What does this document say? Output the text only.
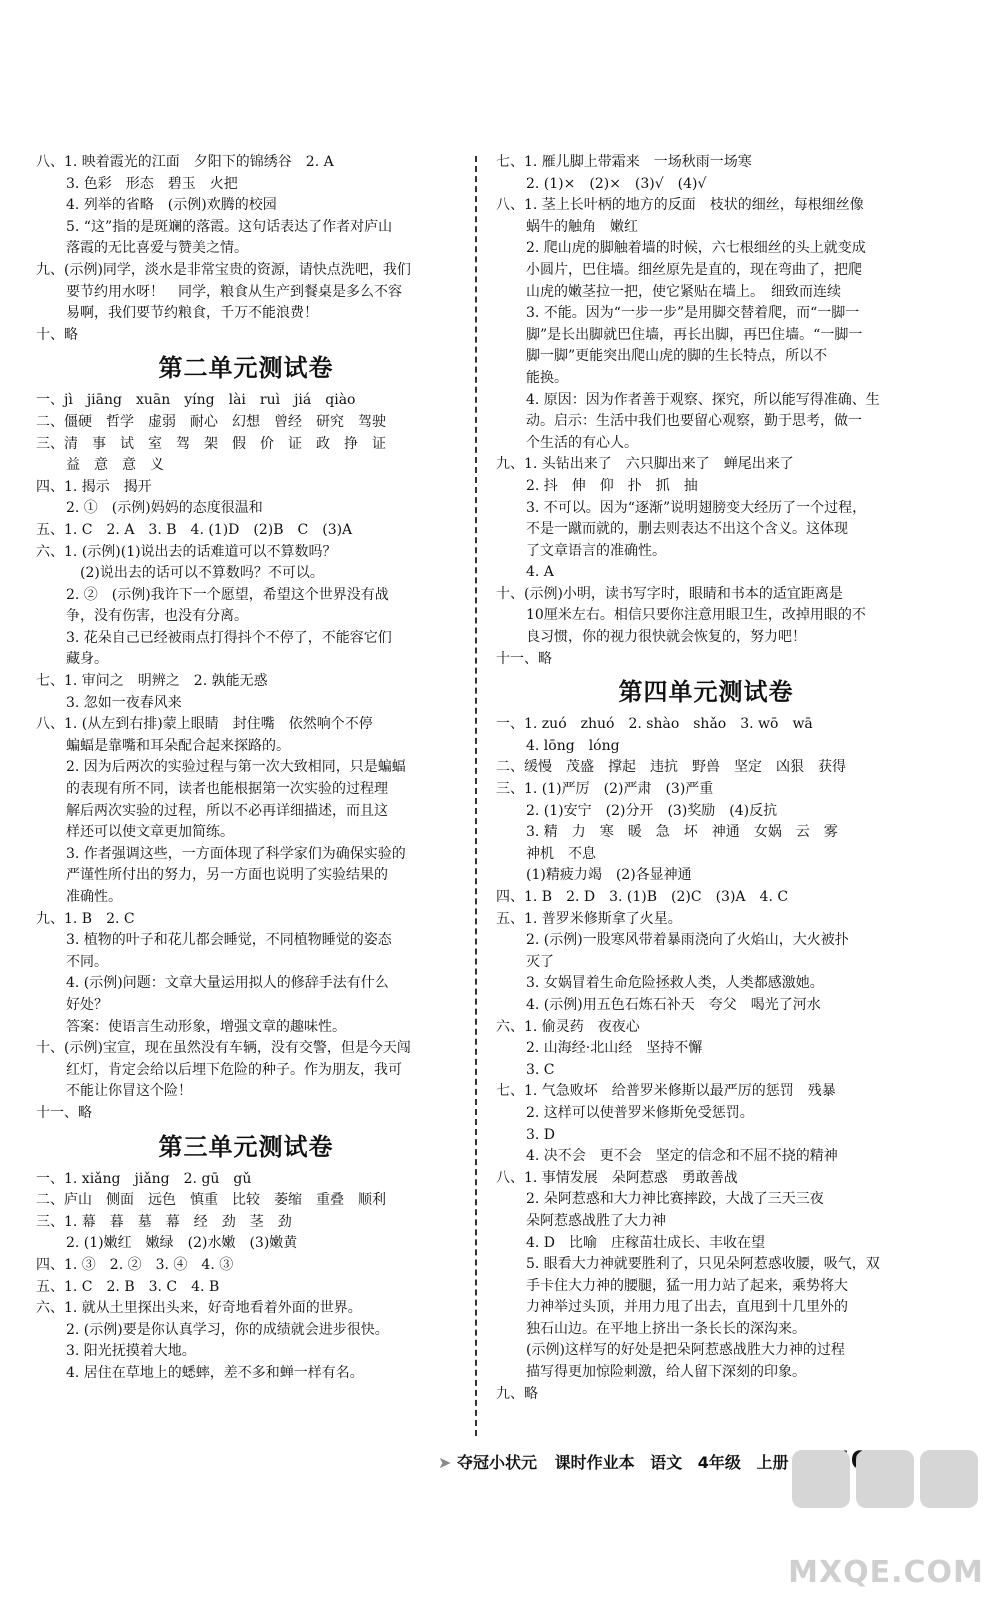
八、1. 映着霞光的江面　夕阳下的锦绣谷　2. A
3. 色彩　形态　碧玉　火把
4. 列举的省略　(示例)欢腾的校园
5. “这”指的是斑斓的落霞。这句话表达了作者对庐山
落霞的无比喜爱与赞美之情。
九、(示例)同学，淡水是非常宝贵的资源，请快点洗吧，我们
要节约用水呀！　同学，粮食从生产到餐桌是多么不容
易啊，我们要节约粮食，千万不能浪费！
十、略
第二单元测试卷
一、jì　jiāng　xuān　yíng　lài　ruì　jiá　qiào
二、僵硬　哲学　虚弱　耐心　幻想　曾经　研究　驾驶
三、清　事　试　室　驾　架　假　价　证　政　挣　证
益　意　意　义
四、1. 揭示　揭开
2. ①　(示例)妈妈的态度很温和
五、1. C　2. A　3. B　4. (1)D　(2)B　C　(3)A
六、1. (示例)(1)说出去的话难道可以不算数吗？
(2)说出去的话可以不算数吗？不可以。
2. ②　(示例)我许下一个愿望，希望这个世界没有战
争，没有伤害，也没有分离。
3. 花朵自己已经被雨点打得抖个不停了，不能容它们
藏身。
七、1. 审问之　明辨之　2. 孰能无惑
3. 忽如一夜春风来
八、1. (从左到右排)蒙上眼睛　封住嘴　依然响个不停
蝙蝠是靠嘴和耳朵配合起来探路的。
2. 因为后两次的实验过程与第一次大致相同，只是蝙蝠
的表现有所不同，读者也能根据第一次实验的过程理
解后两次实验的过程，所以不必再详细描述，而且这
样还可以使文章更加简练。
3. 作者强调这些，一方面体现了科学家们为确保实验的
严谨性所付出的努力，另一方面也说明了实验结果的
准确性。
九、1. B　2. C
3. 植物的叶子和花儿都会睡觉，不同植物睡觉的姿态
不同。
4. (示例)问题：文章大量运用拟人的修辞手法有什么
好处？
答案：使语言生动形象，增强文章的趣味性。
十、(示例)宝宣，现在虽然没有车辆，没有交警，但是今天闯
红灯，肯定会给以后埋下危险的种子。作为朋友，我可
不能让你冒这个险！
十一、略
第三单元测试卷
一、1. xiǎng　jiǎng　2. gū　gǔ
二、庐山　侧面　远色　慎重　比较　萎缩　重叠　顺利
三、1. 幕　暮　墓　幕　经　劲　茎　劲
2. (1)嫩红　嫩绿　(2)水嫩　(3)嫩黄
四、1. ③　2. ②　3. ④　4. ③
五、1. C　2. B　3. C　4. B
六、1. 就从土里探出头来，好奇地看着外面的世界。
2. (示例)要是你认真学习，你的成绩就会进步很快。
3. 阳光抚摸着大地。
4. 居住在草地上的蟋蟀，差不多和蝉一样有名。
七、1. 雁儿脚上带霜来　一场秋雨一场寒
2. (1)×　(2)×　(3)√　(4)√
八、1. 茎上长叶柄的地方的反面　枝状的细丝，每根细丝像
蜗牛的触角　嫩红
2. 爬山虎的脚触着墙的时候，六七根细丝的头上就变成
小圆片，巴住墙。细丝原先是直的，现在弯曲了，把爬
山虎的嫩茎拉一把，使它紧贴在墙上。　细致而连续
3. 不能。因为“一步一步”是用脚交替着爬，而“一脚一
脚”是长出脚就巴住墙，再长出脚，再巴住墙。“一脚一
脚一脚”更能突出爬山虎的脚的生长特点，所以不
能换。
4. 原因：因为作者善于观察、探究，所以能写得准确、生
动。启示：生活中我们也要留心观察，勤于思考，做一
个生活的有心人。
九、1. 头钻出来了　六只脚出来了　蝉尾出来了
2. 抖　伸　仰　扑　抓　抽
3. 不可以。因为“逐渐”说明翅膀变大经历了一个过程，
不是一蹴而就的，删去则表达不出这个含义。这体现
了文章语言的准确性。
4. A
十、(示例)小明，读书写字时，眼睛和书本的适宜距离是
10厘米左右。相信只要你注意用眼卫生，改掉用眼的不
良习惯，你的视力很快就会恢复的，努力吧！
十一、略
第四单元测试卷
一、1. zuó　zhuó　2. shào　shǎo　3. wō　wā
4. lōng　lóng
二、缓慢　茂盛　撑起　违抗　野兽　坚定　凶狠　获得
三、1. (1)严厉　(2)严肃　(3)严重
2. (1)安宁　(2)分开　(3)奖励　(4)反抗
3. 精　力　寒　暖　急　坏　神通　女娲　云　雾
神机　不息
(1)精疲力竭　(2)各显神通
四、1. B　2. D　3. (1)B　(2)C　(3)A　4. C
五、1. 普罗米修斯拿了火星。
2. (示例)一股寒风带着暴雨浇向了火焰山，大火被扑
灭了
3. 女娲冒着生命危险拯救人类，人类都感激她。
4. (示例)用五色石炼石补天　夸父　喝光了河水
六、1. 偷灵药　夜夜心
2. 山海经·北山经　坚持不懈
3. C
七、1. 气急败坏　给普罗米修斯以最严厉的惩罚　残暴
2. 这样可以使普罗米修斯免受惩罚。
3. D
4. 决不会　更不会　坚定的信念和不屈不挠的精神
八、1. 事情发展　朵阿惹惑　勇敢善战
2. 朵阿惹惑和大力神比赛摔跤，大战了三天三夜
朵阿惹惑战胜了大力神
4. D　比喻　庄稼苗壮成长、丰收在望
5. 眼看大力神就要胜利了，只见朵阿惹惑收腰，吸气，双
手卡住大力神的腰腿，猛一用力站了起来，乘势将大
力神举过头顶，并用力甩了出去，直甩到十几里外的
独石山边。在平地上挤出一条长长的深沟来。
(示例)这样写的好处是把朵阿惹惑战胜大力神的过程
描写得更加惊险刺激，给人留下深刻的印象。
九、略
➤ 夺冠小状元 课时作业本 语文 4年级 上册
MXQE.COM
